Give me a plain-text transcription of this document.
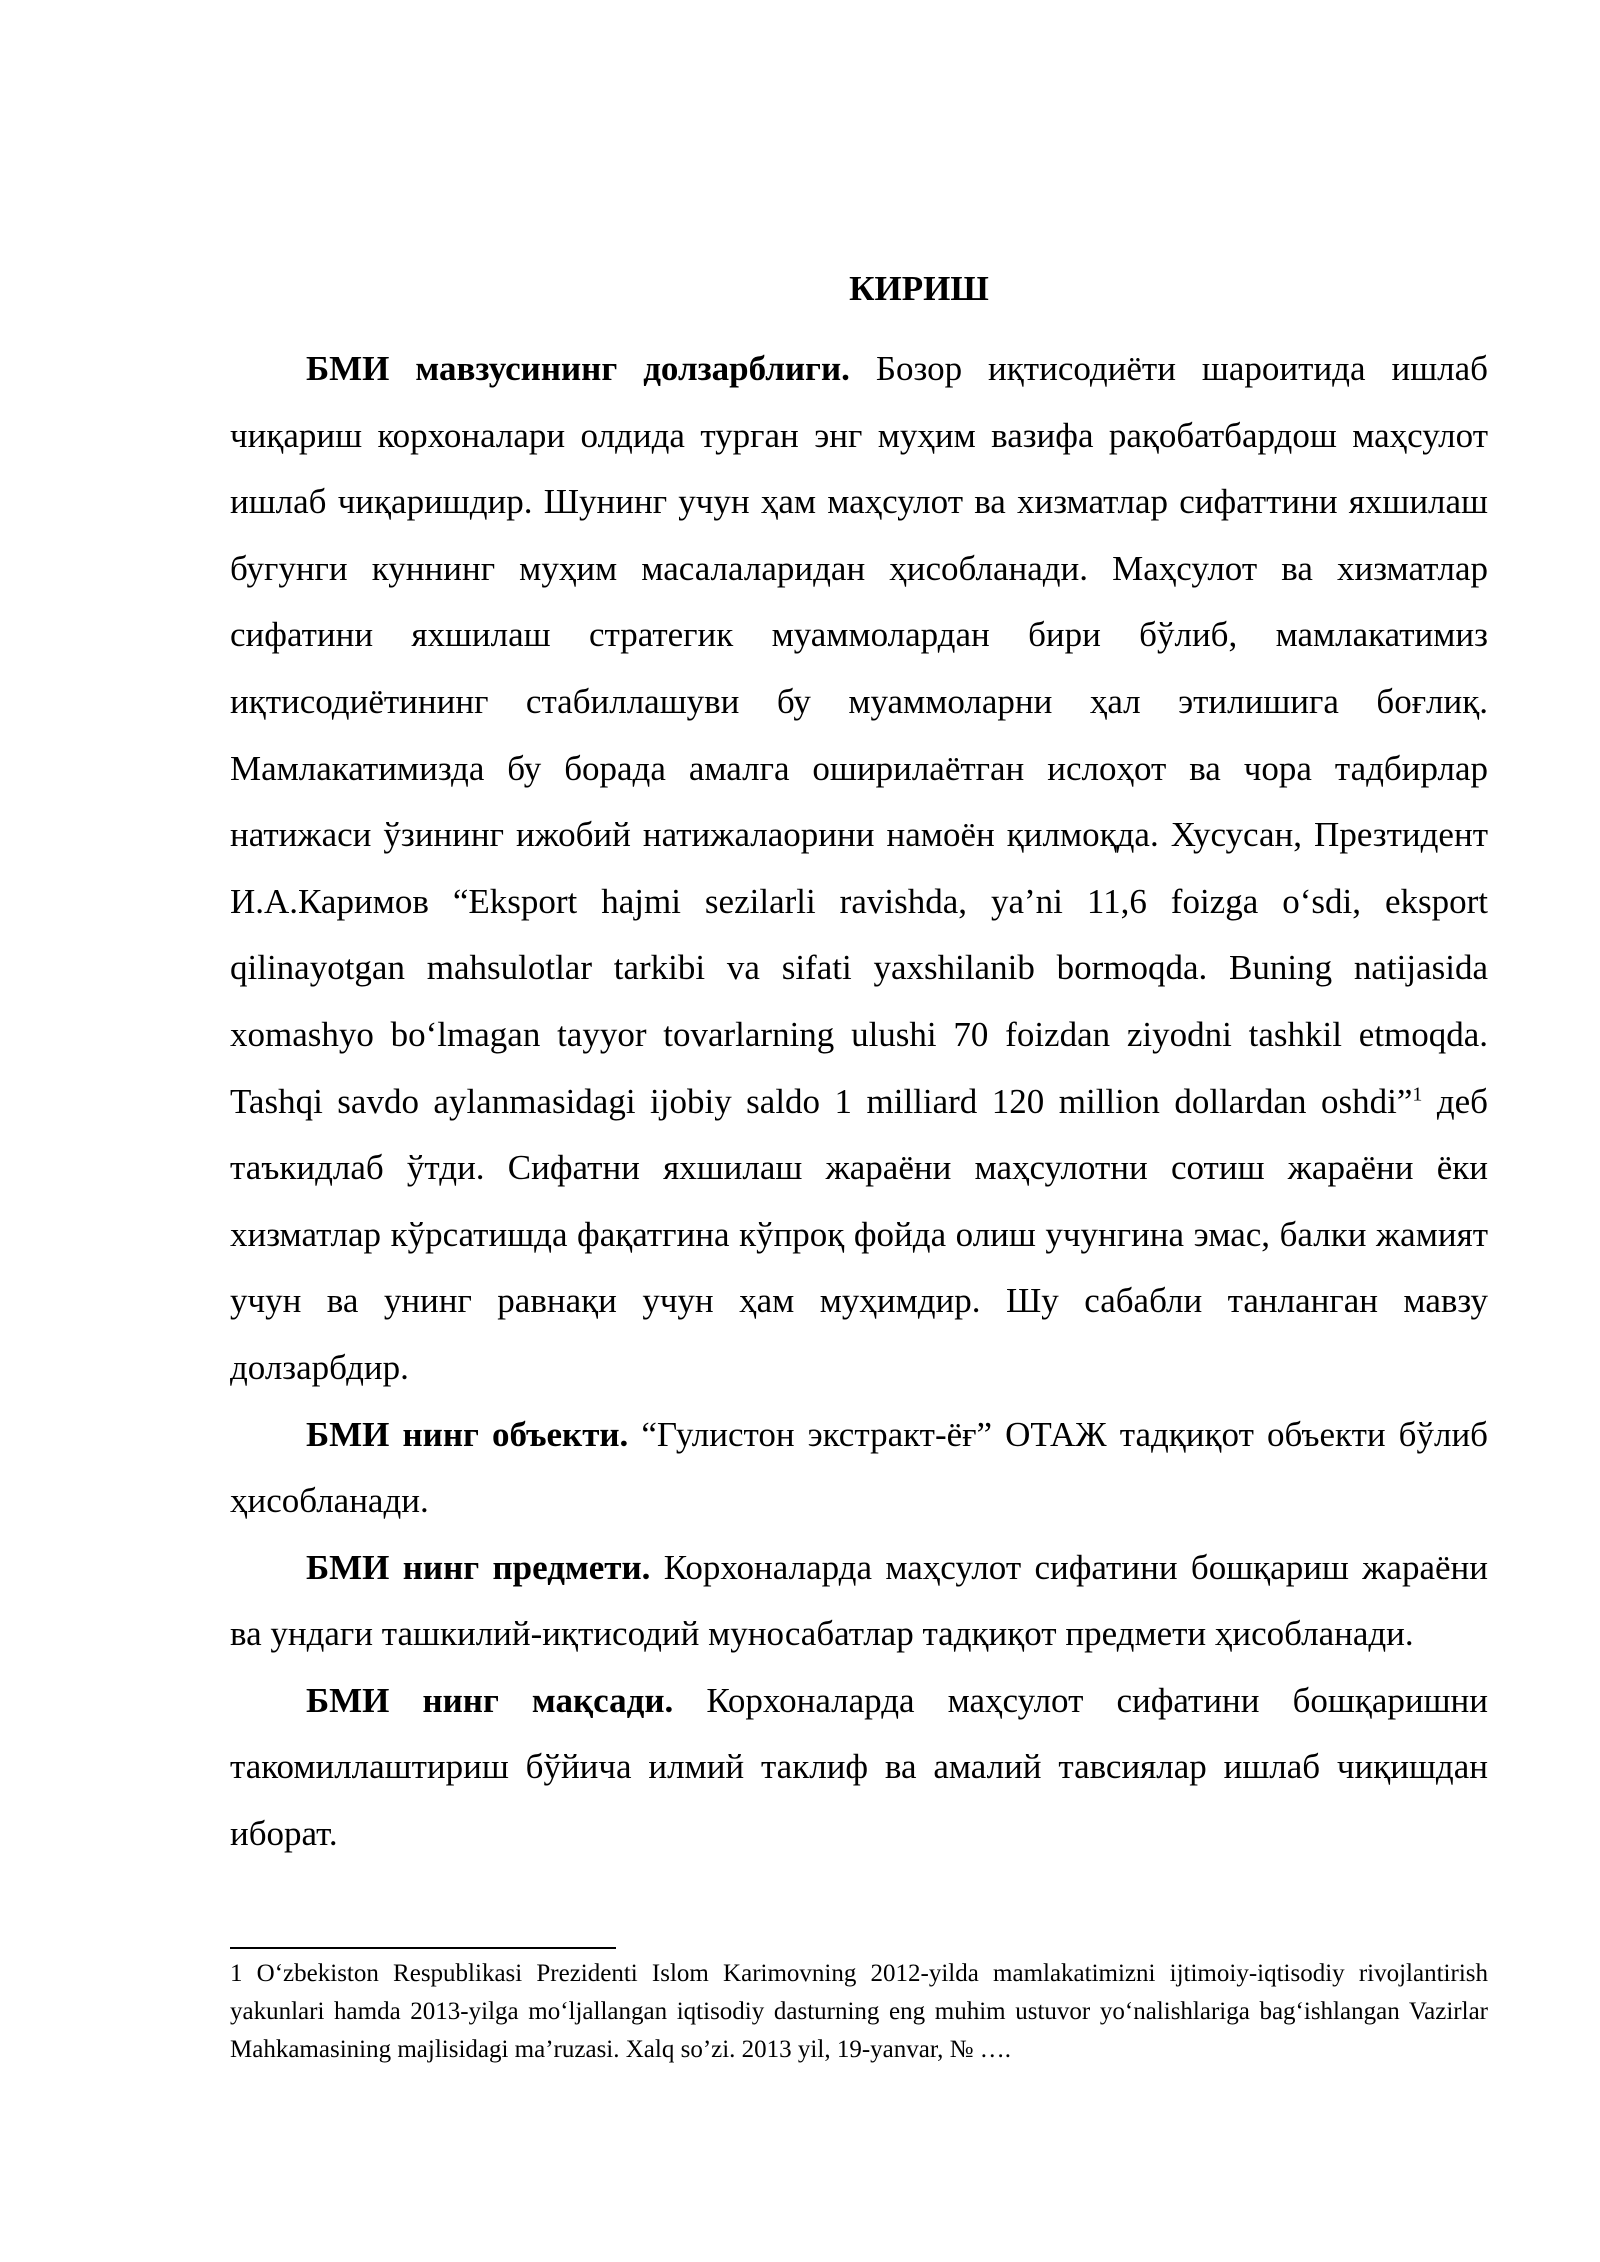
КИРИШ

БМИ мавзусининг долзарблиги. Бозор иқтисодиёти шароитида ишлаб чиқариш корхоналари олдида турган энг муҳим вазифа рақобатбардош маҳсулот ишлаб чиқаришдир. Шунинг учун ҳам маҳсулот ва хизматлар сифаттини яхшилаш бугунги куннинг муҳим масалаларидан ҳисобланади. Маҳсулот ва хизматлар сифатини яхшилаш стратегик муаммолардан бири бўлиб, мамлакатимиз иқтисодиётининг стабиллашуви бу муаммоларни ҳал этилишига боғлиқ. Мамлакатимизда бу борада амалга оширилаётган ислоҳот ва чора тадбирлар натижаси ўзининг ижобий натижалаорини намоён қилмоқда. Хусусан, Презтидент И.А.Каримов “Eksport hajmi sezilarli ravishda, ya’ni 11,6 foizga o‘sdi, eksport qilinayotgan mahsulotlar tarkibi va sifati yaxshilanib bormoqda. Buning natijasida xomashyo bo‘lmagan tayyor tovarlarning ulushi 70 foizdan ziyodni tashkil etmoqda. Tashqi savdo aylanmasidagi ijobiy saldo 1 milliard 120 million dollardan oshdi”$^1$ деб таъкидлаб ўтди. Сифатни яхшилаш жараёни маҳсулотни сотиш жараёни ёки хизматлар кўрсатишда фақатгина кўпроқ фойда олиш учунгина эмас, балки жамият учун ва унинг равнақи учун ҳам муҳимдир. Шу сабабли танланган мавзу долзарбдир.

БМИ нинг объекти. “Гулистон экстракт-ёғ” ОТАЖ тадқиқот объекти бўлиб ҳисобланади.

БМИ нинг предмети. Корхоналарда маҳсулот сифатини бошқариш жараёни ва ундаги ташкилий-иқтисодий муносабатлар тадқиқот предмети ҳисобланади.

БМИ нинг мақсади. Корхоналарда маҳсулот сифатини бошқаришни такомиллаштириш бўйича илмий таклиф ва амалий тавсиялар ишлаб чиқишдан иборат.

1 O‘zbekiston Respublikasi Prezidenti Islom Karimovning 2012-yilda mamlakatimizni ijtimoiy-iqtisodiy rivojlantirish yakunlari hamda 2013-yilga mo‘ljallangan iqtisodiy dasturning eng muhim ustuvor yo‘nalishlariga bag‘ishlangan Vazirlar Mahkamasining majlisidagi ma’ruzasi. Xalq so’zi. 2013 yil, 19-yanvar, № ….
